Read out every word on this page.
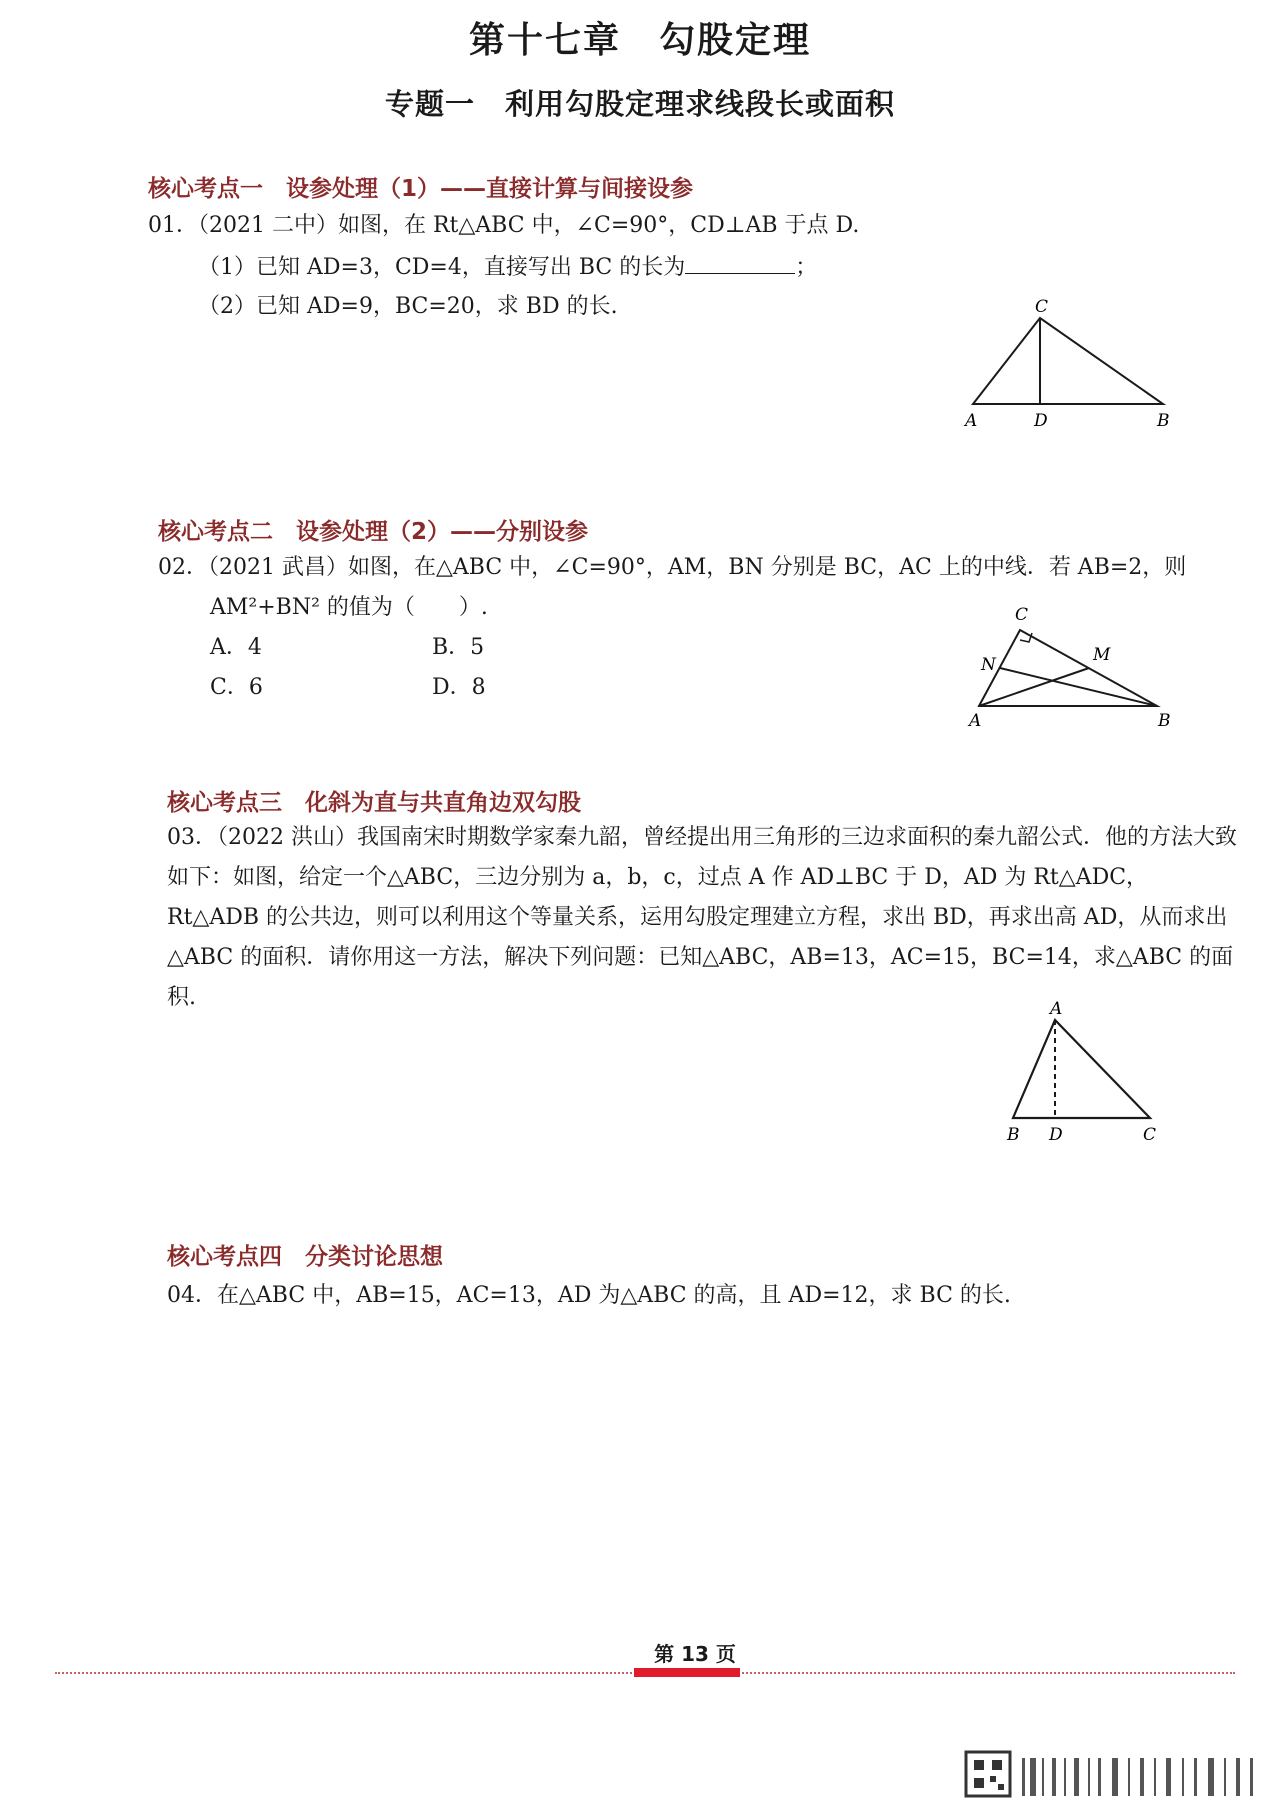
第十七章　勾股定理
专题一　利用勾股定理求线段长或面积
核心考点一　设参处理（1）——直接计算与间接设参
01．（2021 二中）如图，在 Rt△ABC 中，∠C=90°，CD⊥AB 于点 D.
（1）已知 AD=3，CD=4，直接写出 BC 的长为	；
（2）已知 AD=9，BC=20，求 BD 的长.	C
A	D	B
核心考点二　设参处理（2）——分别设参
02．（2021 武昌）如图，在△ABC 中，∠C=90°，AM，BN 分别是 BC，AC 上的中线．若 AB=2，则
AM²+BN² 的值为（　　）.
A．4	B．5
C．6	D．8
C
N	M
A	B
核心考点三　化斜为直与共直角边双勾股
03．（2022 洪山）我国南宋时期数学家秦九韶，曾经提出用三角形的三边求面积的秦九韶公式．他的方法大致如下：如图，给定一个△ABC，三边分别为 a，b，c，过点 A 作 AD⊥BC 于 D，AD 为 Rt△ADC，Rt△ADB 的公共边，则可以利用这个等量关系，运用勾股定理建立方程，求出 BD，再求出高 AD，从而求出△ABC 的面积．请你用这一方法，解决下列问题：已知△ABC，AB=13，AC=15，BC=14，求△ABC 的面积.	A
B D	C
核心考点四　分类讨论思想
04．在△ABC 中，AB=15，AC=13，AD 为△ABC 的高，且 AD=12，求 BC 的长.
第 13 页
